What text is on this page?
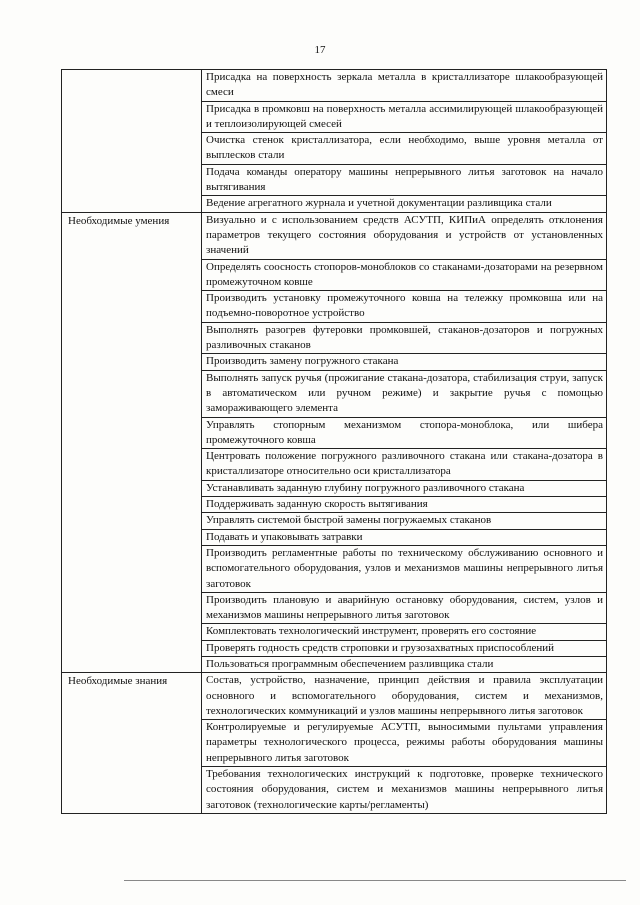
17
	Присадка на поверхность зеркала металла в кристаллизаторе шлакообразующей смеси
	Присадка в промковш на поверхность металла ассимилирующей шлакообразующей и теплоизолирующей смесей
	Очистка стенок кристаллизатора, если необходимо, выше уровня металла от выплесков стали
	Подача команды оператору машины непрерывного литья заготовок на начало вытягивания
	Ведение агрегатного журнала и учетной документации разливщика стали
Необходимые умения	Визуально и с использованием средств АСУТП, КИПиА определять отклонения параметров текущего состояния оборудования и устройств от установленных значений
	Определять соосность стопоров-моноблоков со стаканами-дозаторами на резервном промежуточном ковше
	Производить установку промежуточного ковша на тележку промковша или на подъемно-поворотное устройство
	Выполнять разогрев футеровки промковшей, стаканов-дозаторов и погружных разливочных стаканов
	Производить замену погружного стакана
	Выполнять запуск ручья (прожигание стакана-дозатора, стабилизация струи, запуск в автоматическом или ручном режиме) и закрытие ручья с помощью замораживающего элемента
	Управлять стопорным механизмом стопора-моноблока, или шибера промежуточного ковша
	Центровать положение погружного разливочного стакана или стакана-дозатора в кристаллизаторе относительно оси кристаллизатора
	Устанавливать заданную глубину погружного разливочного стакана
	Поддерживать заданную скорость вытягивания
	Управлять системой быстрой замены погружаемых стаканов
	Подавать и упаковывать затравки
	Производить регламентные работы по техническому обслуживанию основного и вспомогательного оборудования, узлов и механизмов машины непрерывного литья заготовок
	Производить плановую и аварийную остановку оборудования, систем, узлов и механизмов машины непрерывного литья заготовок
	Комплектовать технологический инструмент, проверять его состояние
	Проверять годность средств строповки и грузозахватных приспособлений
	Пользоваться программным обеспечением разливщика стали
Необходимые знания	Состав, устройство, назначение, принцип действия и правила эксплуатации основного и вспомогательного оборудования, систем и механизмов, технологических коммуникаций и узлов машины непрерывного литья заготовок
	Контролируемые и регулируемые АСУТП, выносимыми пультами управления параметры технологического процесса, режимы работы оборудования машины непрерывного литья заготовок
	Требования технологических инструкций к подготовке, проверке технического состояния оборудования, систем и механизмов машины непрерывного литья заготовок (технологические карты/регламенты)
